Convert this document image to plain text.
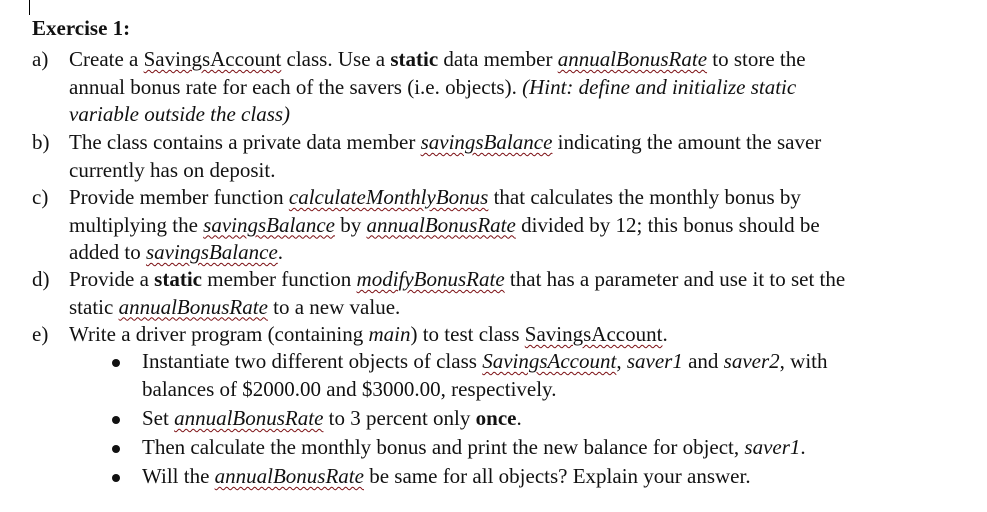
Exercise 1:
a) Create a SavingsAccount class. Use a static data member annualBonusRate to store the
annual bonus rate for each of the savers (i.e. objects). (Hint: define and initialize static
variable outside the class)
b) The class contains a private data member savingsBalance indicating the amount the saver
currently has on deposit.
c) Provide member function calculateMonthlyBonus that calculates the monthly bonus by
multiplying the savingsBalance by annualBonusRate divided by 12; this bonus should be
added to savingsBalance.
d) Provide a static member function modifyBonusRate that has a parameter and use it to set the
static annualBonusRate to a new value.
e) Write a driver program (containing main) to test class SavingsAccount.
Instantiate two different objects of class SavingsAccount, saver1 and saver2, with
balances of $2000.00 and $3000.00, respectively.
Set annualBonusRate to 3 percent only once.
Then calculate the monthly bonus and print the new balance for object, saver1.
Will the annualBonusRate be same for all objects? Explain your answer.
